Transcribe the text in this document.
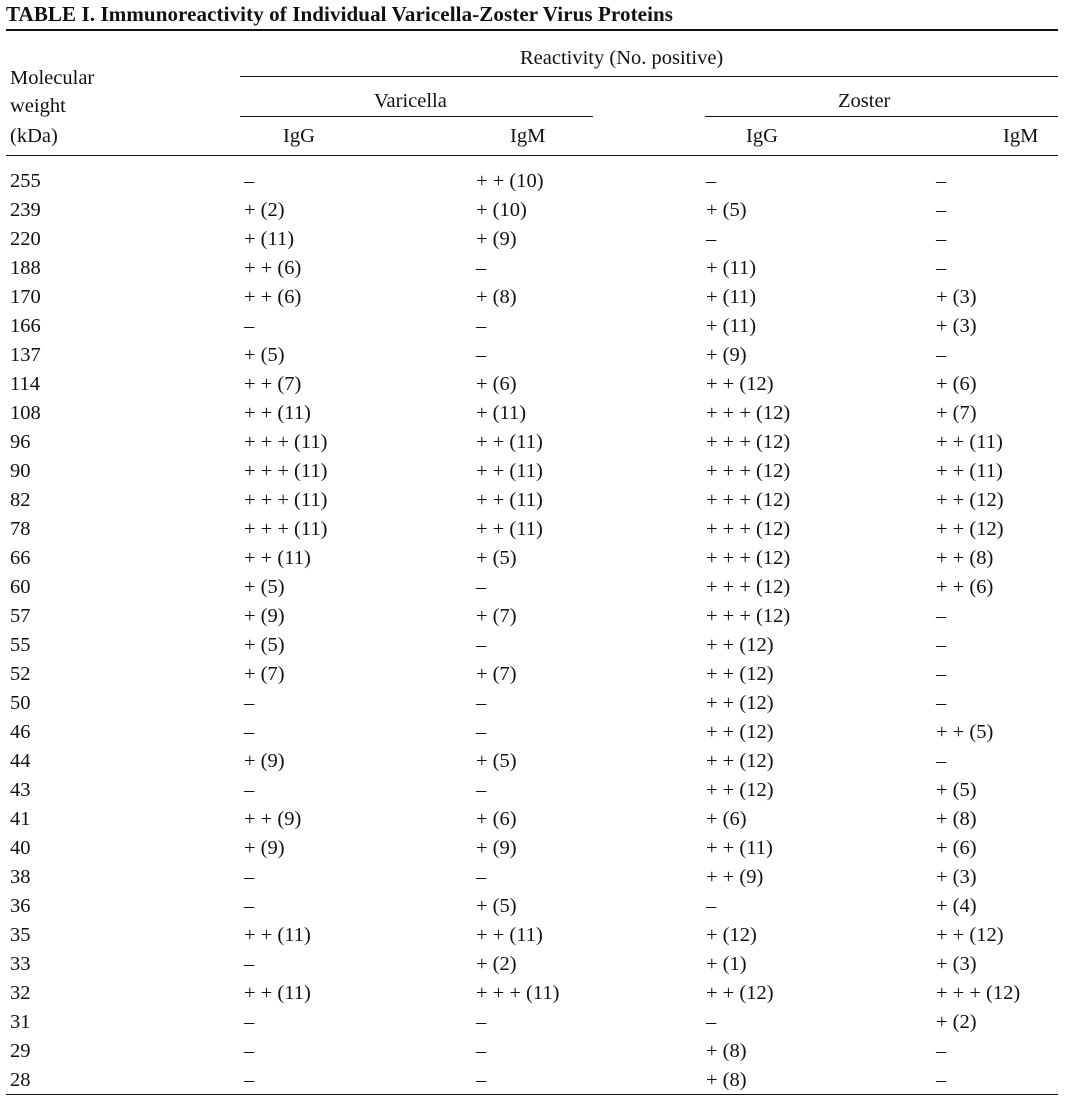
TABLE I. Immunoreactivity of Individual Varicella-Zoster Virus Proteins
Molecular
weight
(kDa)
Reactivity (No. positive)
Varicella	Zoster
IgG	IgM	IgG	IgM
255	–	+ + (10)	–	–
239	+ (2)	+ (10)	+ (5)	–
220	+ (11)	+ (9)	–	–
188	+ + (6)	–	+ (11)	–
170	+ + (6)	+ (8)	+ (11)	+ (3)
166	–	–	+ (11)	+ (3)
137	+ (5)	–	+ (9)	–
114	+ + (7)	+ (6)	+ + (12)	+ (6)
108	+ + (11)	+ (11)	+ + + (12)	+ (7)
96	+ + + (11)	+ + (11)	+ + + (12)	+ + (11)
90	+ + + (11)	+ + (11)	+ + + (12)	+ + (11)
82	+ + + (11)	+ + (11)	+ + + (12)	+ + (12)
78	+ + + (11)	+ + (11)	+ + + (12)	+ + (12)
66	+ + (11)	+ (5)	+ + + (12)	+ + (8)
60	+ (5)	–	+ + + (12)	+ + (6)
57	+ (9)	+ (7)	+ + + (12)	–
55	+ (5)	–	+ + (12)	–
52	+ (7)	+ (7)	+ + (12)	–
50	–	–	+ + (12)	–
46	–	–	+ + (12)	+ + (5)
44	+ (9)	+ (5)	+ + (12)	–
43	–	–	+ + (12)	+ (5)
41	+ + (9)	+ (6)	+ (6)	+ (8)
40	+ (9)	+ (9)	+ + (11)	+ (6)
38	–	–	+ + (9)	+ (3)
36	–	+ (5)	–	+ (4)
35	+ + (11)	+ + (11)	+ (12)	+ + (12)
33	–	+ (2)	+ (1)	+ (3)
32	+ + (11)	+ + + (11)	+ + (12)	+ + + (12)
31	–	–	–	+ (2)
29	–	–	+ (8)	–
28	–	–	+ (8)	–
